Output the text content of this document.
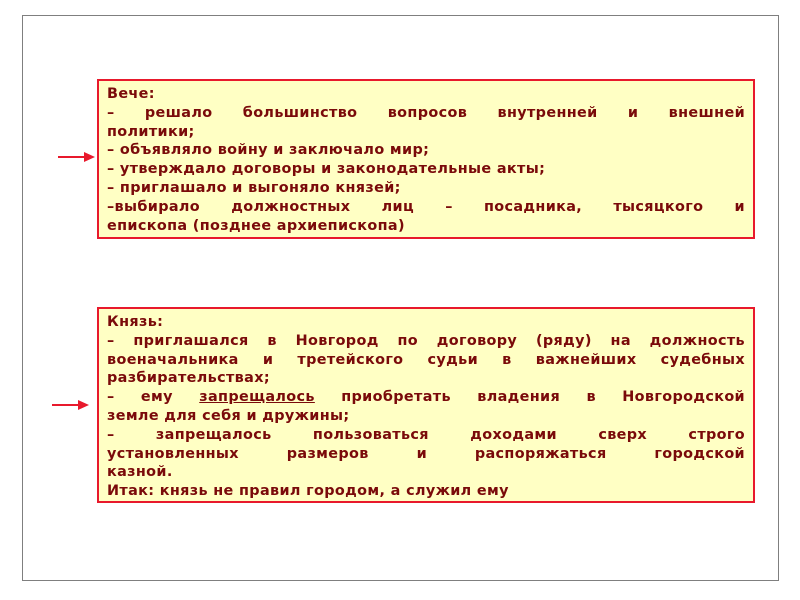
Вече:
– решало большинство вопросов внутренней и внешней
политики;
– объявляло войну и заключало мир;
– утверждало договоры и законодательные акты;
– приглашало и выгоняло князей;
–выбирало должностных лиц – посадника, тысяцкого и
епископа (позднее архиепископа)
Князь:
– приглашался в Новгород по договору (ряду) на должность
военачальника и третейского судьи в важнейших судебных
разбирательствах;
– ему запрещалось приобретать владения в Новгородской
земле для себя и дружины;
– запрещалось пользоваться доходами сверх строго
установленных размеров и распоряжаться городской
казной.
Итак: князь не правил городом, а служил ему
